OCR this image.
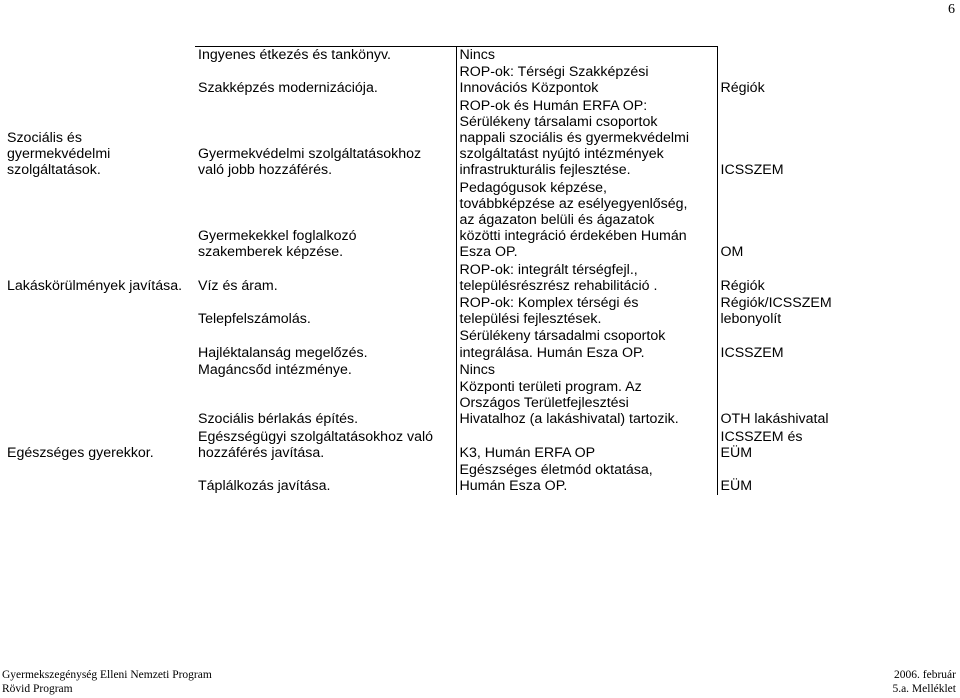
6

	Ingyenes étkezés és tankönyv.	Nincs	

	Szakképzés modernizációja.	ROP-ok: Térségi Szakképzési
Innovációs Központok	Régiók

Szociális és
gyermekvédelmi
szolgáltatások.	Gyermekvédelmi szolgáltatásokhoz
való jobb hozzáférés.	ROP-ok és Humán ERFA OP:
Sérülékeny társalami csoportok
nappali szociális és gyermekvédelmi
szolgáltatást nyújtó intézmények
infrastrukturális fejlesztése.	ICSSZEM

	Gyermekekkel foglalkozó
szakemberek képzése.	Pedagógusok képzése,
továbbképzése az esélyegyenlőség,
az ágazaton belüli és ágazatok
közötti integráció érdekében Humán
Esza OP.	OM

Lakáskörülmények javítása.	Víz és áram.	ROP-ok: integrált térségfejl.,
településrészrész rehabilitáció .	Régiók

	Telepfelszámolás.	ROP-ok: Komplex térségi és
települési fejlesztések.	Régiók/ICSSZEM
lebonyolít

	Hajléktalanság megelőzés.	Sérülékeny társadalmi csoportok
integrálása. Humán Esza OP.	ICSSZEM

	Magáncsőd intézménye.	Nincs	

	Szociális bérlakás építés.	Központi területi program. Az
Országos Területfejlesztési
Hivatalhoz (a lakáshivatal) tartozik.	OTH lakáshivatal

Egészséges gyerekkor.	Egészségügyi szolgáltatásokhoz való
hozzáférés javítása.	K3, Humán ERFA OP	ICSSZEM és
EÜM

	Táplálkozás javítása.	Egészséges életmód oktatása,
Humán Esza OP.	EÜM
Gyermekszegénység Elleni Nemzeti Program
Rövid Program
2006. február
5.a. Melléklet
